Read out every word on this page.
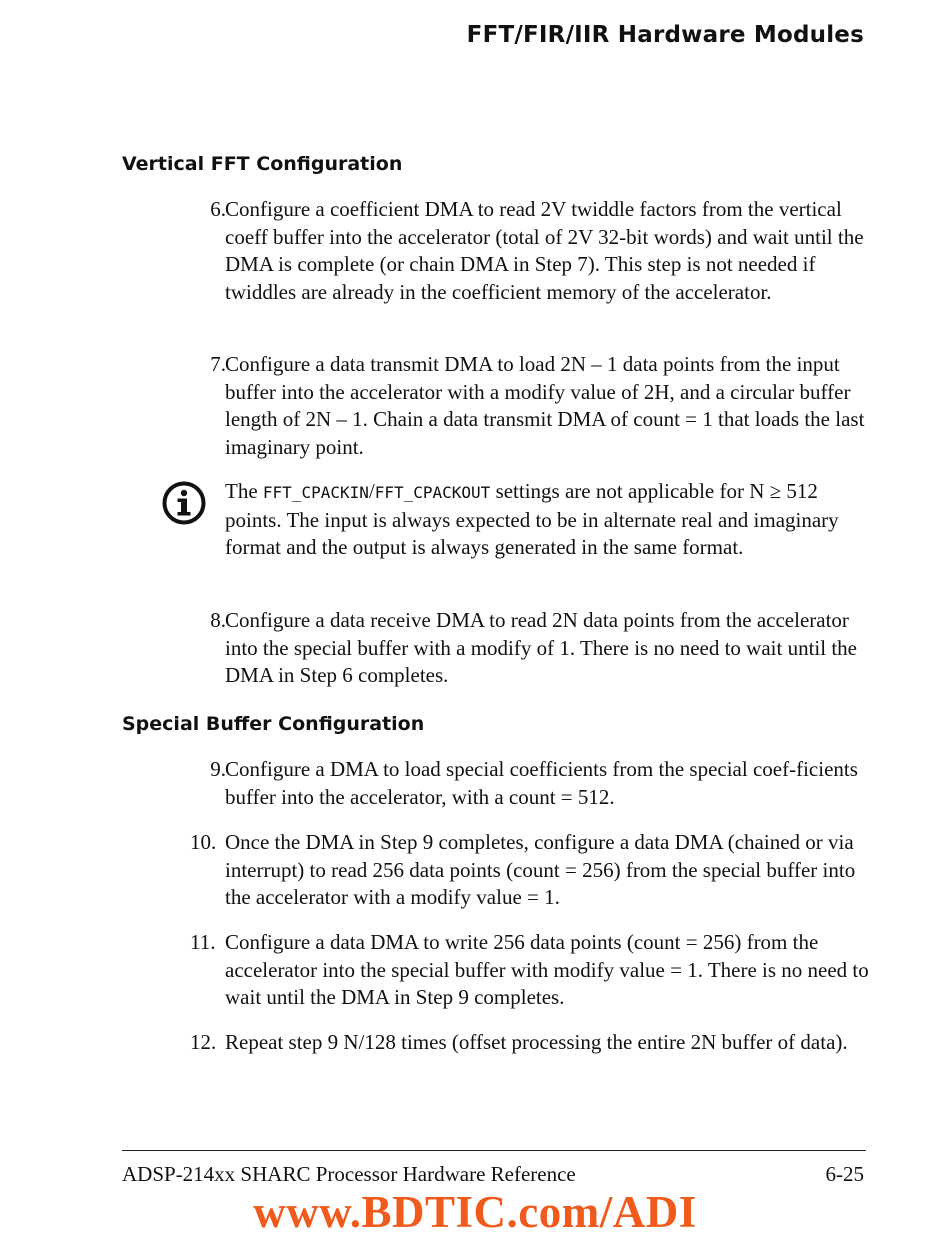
FFT/FIR/IIR Hardware Modules
Vertical FFT Configuration
6. Configure a coefficient DMA to read 2V twiddle factors from the vertical coeff buffer into the accelerator (total of 2V 32-bit words) and wait until the DMA is complete (or chain DMA in Step 7). This step is not needed if twiddles are already in the coefficient memory of the accelerator.
7. Configure a data transmit DMA to load 2N – 1 data points from the input buffer into the accelerator with a modify value of 2H, and a circular buffer length of 2N – 1. Chain a data transmit DMA of count = 1 that loads the last imaginary point.
The FFT_CPACKIN/FFT_CPACKOUT settings are not applicable for N ≥ 512 points. The input is always expected to be in alternate real and imaginary format and the output is always generated in the same format.
8. Configure a data receive DMA to read 2N data points from the accelerator into the special buffer with a modify of 1. There is no need to wait until the DMA in Step 6 completes.
Special Buffer Configuration
9. Configure a DMA to load special coefficients from the special coef-ficients buffer into the accelerator, with a count = 512.
10. Once the DMA in Step 9 completes, configure a data DMA (chained or via interrupt) to read 256 data points (count = 256) from the special buffer into the accelerator with a modify value = 1.
11. Configure a data DMA to write 256 data points (count = 256) from the accelerator into the special buffer with modify value = 1. There is no need to wait until the DMA in Step 9 completes.
12. Repeat step 9 N/128 times (offset processing the entire 2N buffer of data).
ADSP-214xx SHARC Processor Hardware Reference	6-25
www.BDTIC.com/ADI
